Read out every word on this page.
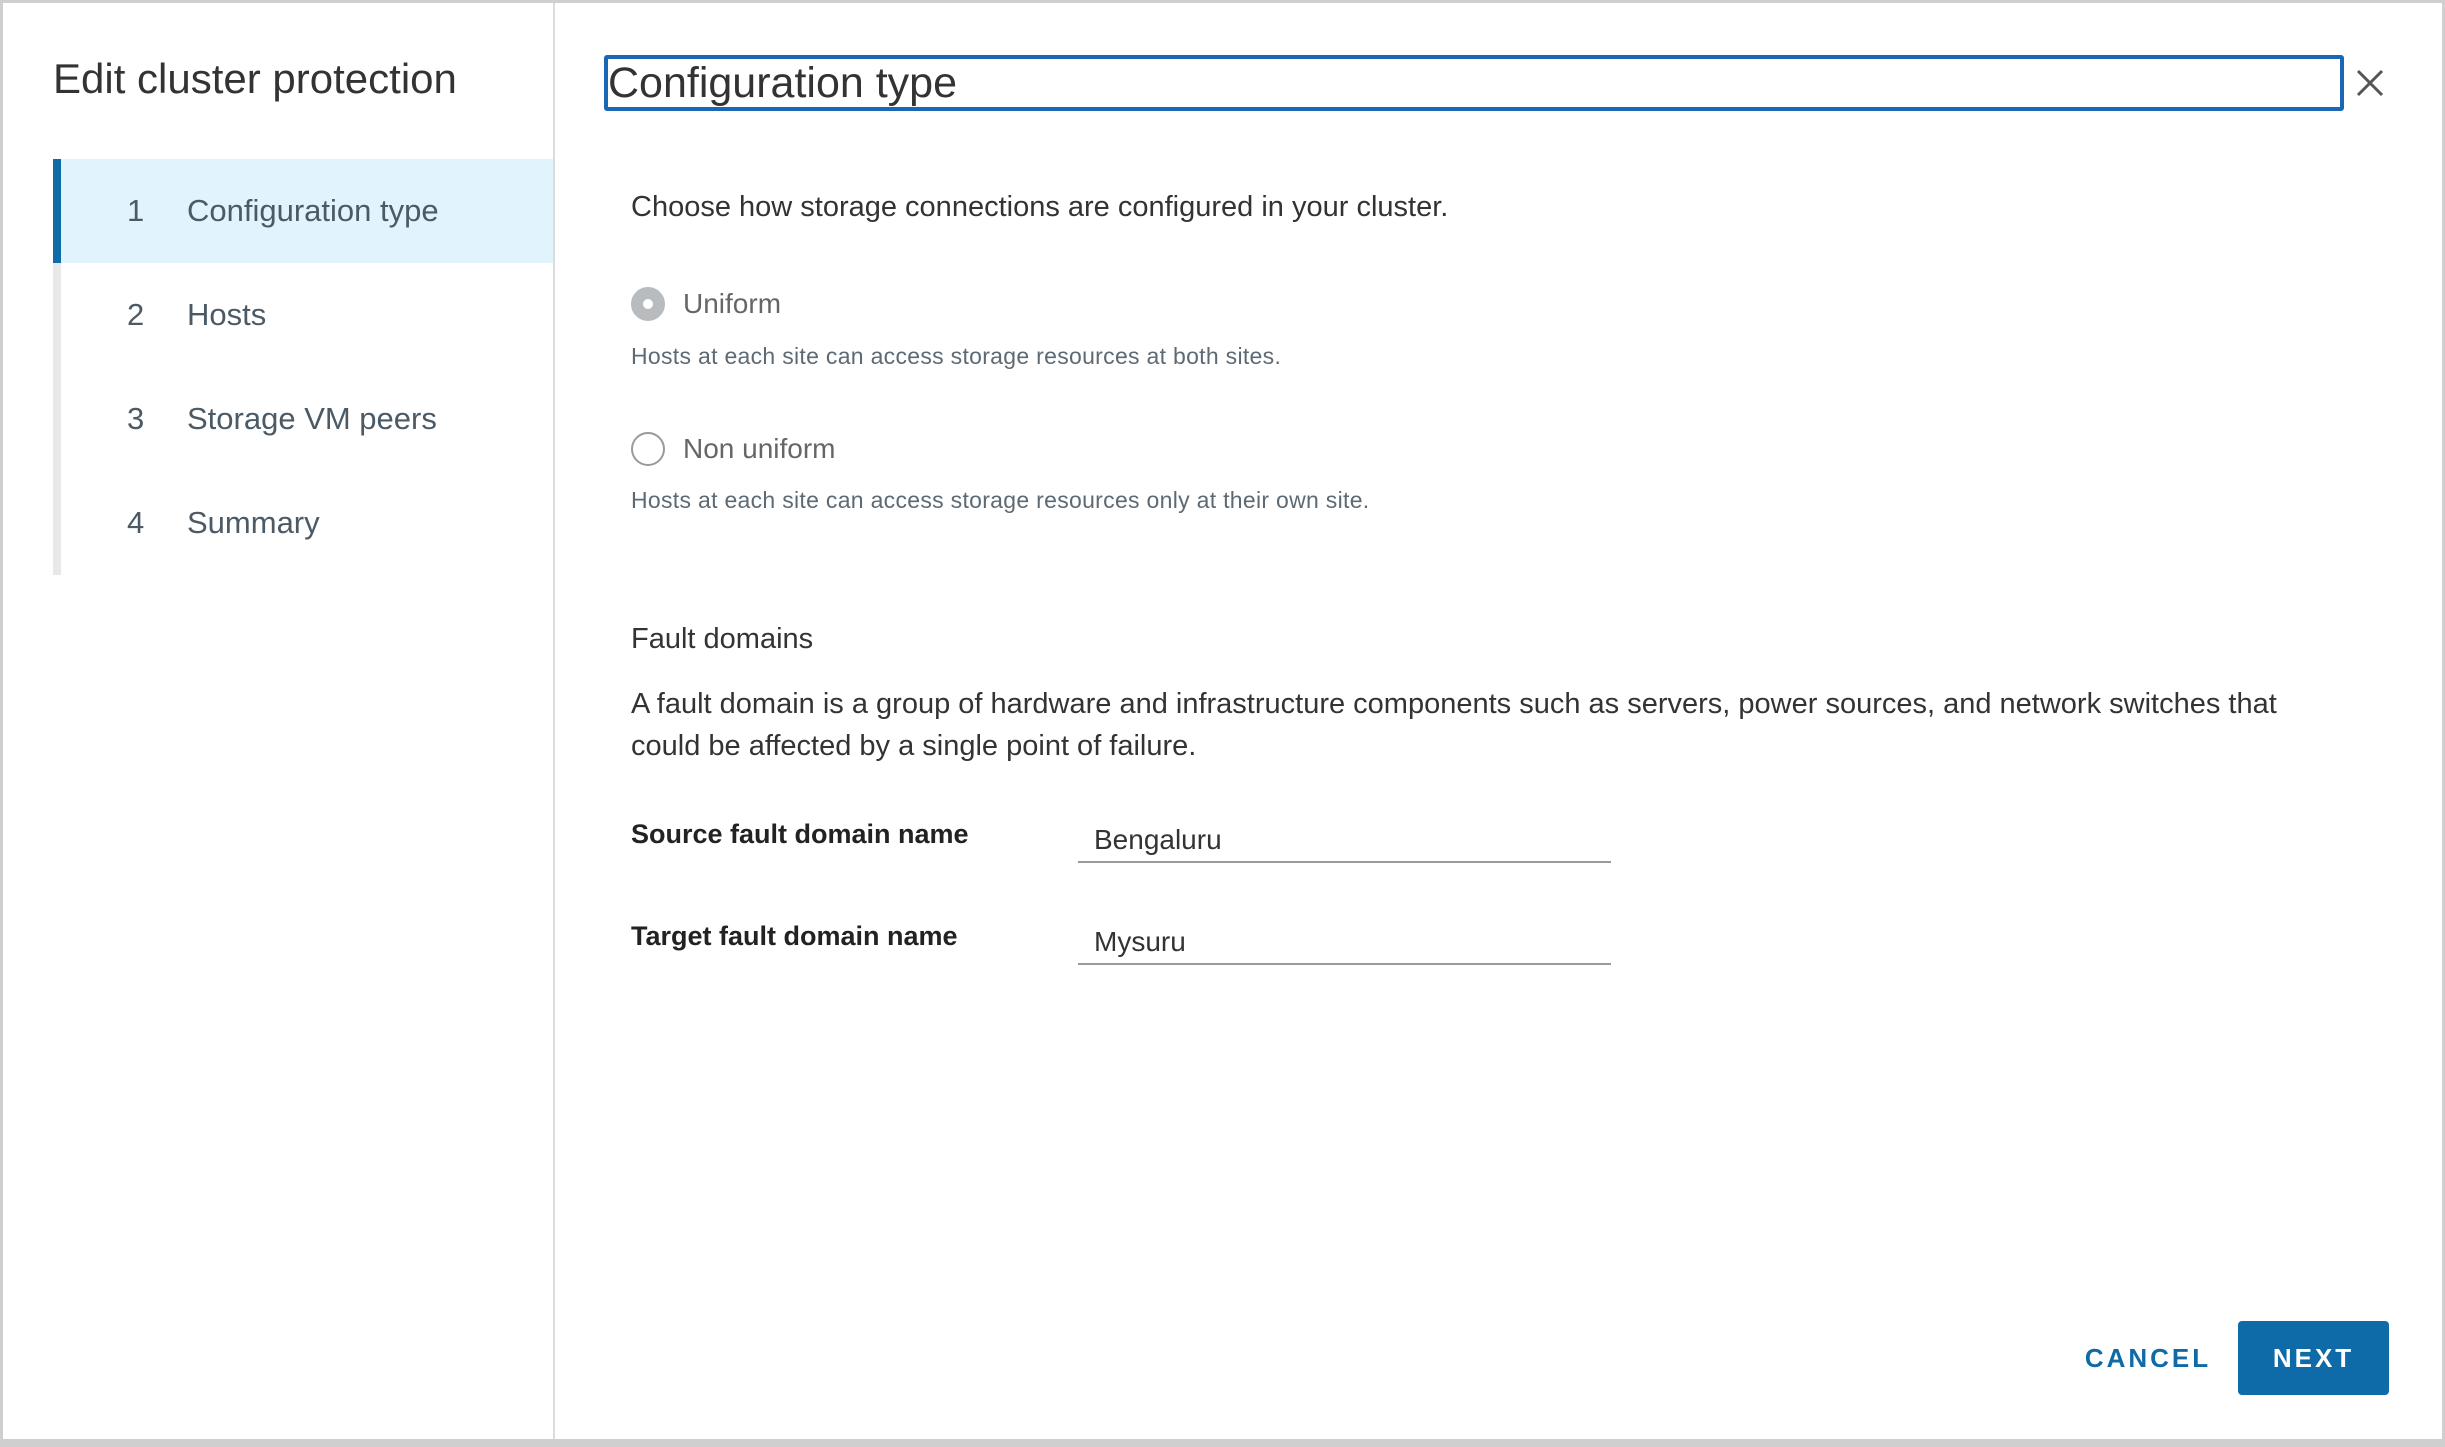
Edit cluster protection
1 Configuration type
2 Hosts
3 Storage VM peers
4 Summary
Configuration type
Choose how storage connections are configured in your cluster.
Uniform
Hosts at each site can access storage resources at both sites.
Non uniform
Hosts at each site can access storage resources only at their own site.
Fault domains
A fault domain is a group of hardware and infrastructure components such as servers, power sources, and network switches that could be affected by a single point of failure.
Source fault domain name
Bengaluru
Target fault domain name
Mysuru
CANCEL	NEXT
